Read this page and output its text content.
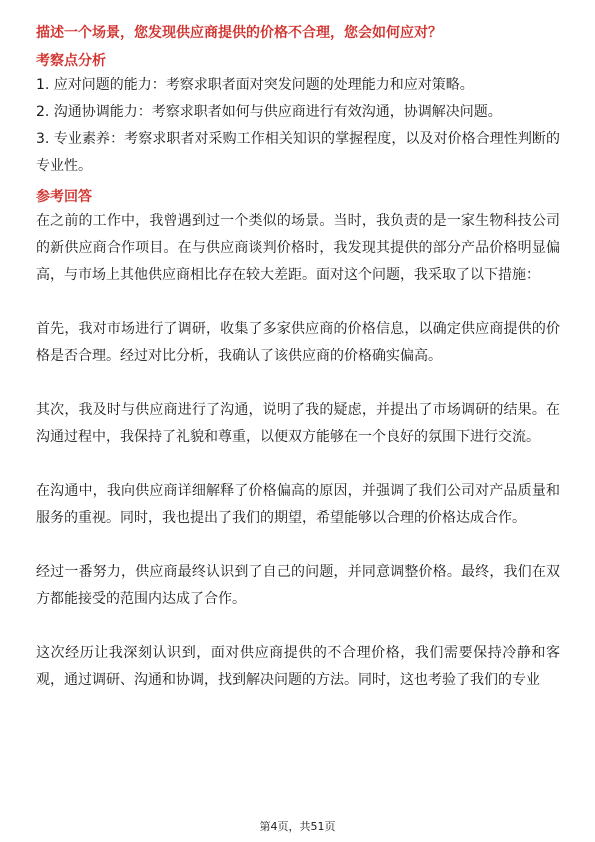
描述一个场景，您发现供应商提供的价格不合理，您会如何应对？
考察点分析
1. 应对问题的能力：考察求职者面对突发问题的处理能力和应对策略。
2. 沟通协调能力：考察求职者如何与供应商进行有效沟通，协调解决问题。
3. 专业素养：考察求职者对采购工作相关知识的掌握程度，以及对价格合理性判断的专业性。
参考回答

在之前的工作中，我曾遇到过一个类似的场景。当时，我负责的是一家生物科技公司的新供应商合作项目。在与供应商谈判价格时，我发现其提供的部分产品价格明显偏高，与市场上其他供应商相比存在较大差距。面对这个问题，我采取了以下措施：

首先，我对市场进行了调研，收集了多家供应商的价格信息，以确定供应商提供的价格是否合理。经过对比分析，我确认了该供应商的价格确实偏高。

其次，我及时与供应商进行了沟通，说明了我的疑虑，并提出了市场调研的结果。在沟通过程中，我保持了礼貌和尊重，以便双方能够在一个良好的氛围下进行交流。

在沟通中，我向供应商详细解释了价格偏高的原因，并强调了我们公司对产品质量和服务的重视。同时，我也提出了我们的期望，希望能够以合理的价格达成合作。

经过一番努力，供应商最终认识到了自己的问题，并同意调整价格。最终，我们在双方都能接受的范围内达成了合作。

这次经历让我深刻认识到，面对供应商提供的不合理价格，我们需要保持冷静和客观，通过调研、沟通和协调，找到解决问题的方法。同时，这也考验了我们的专业

第4页，共51页
